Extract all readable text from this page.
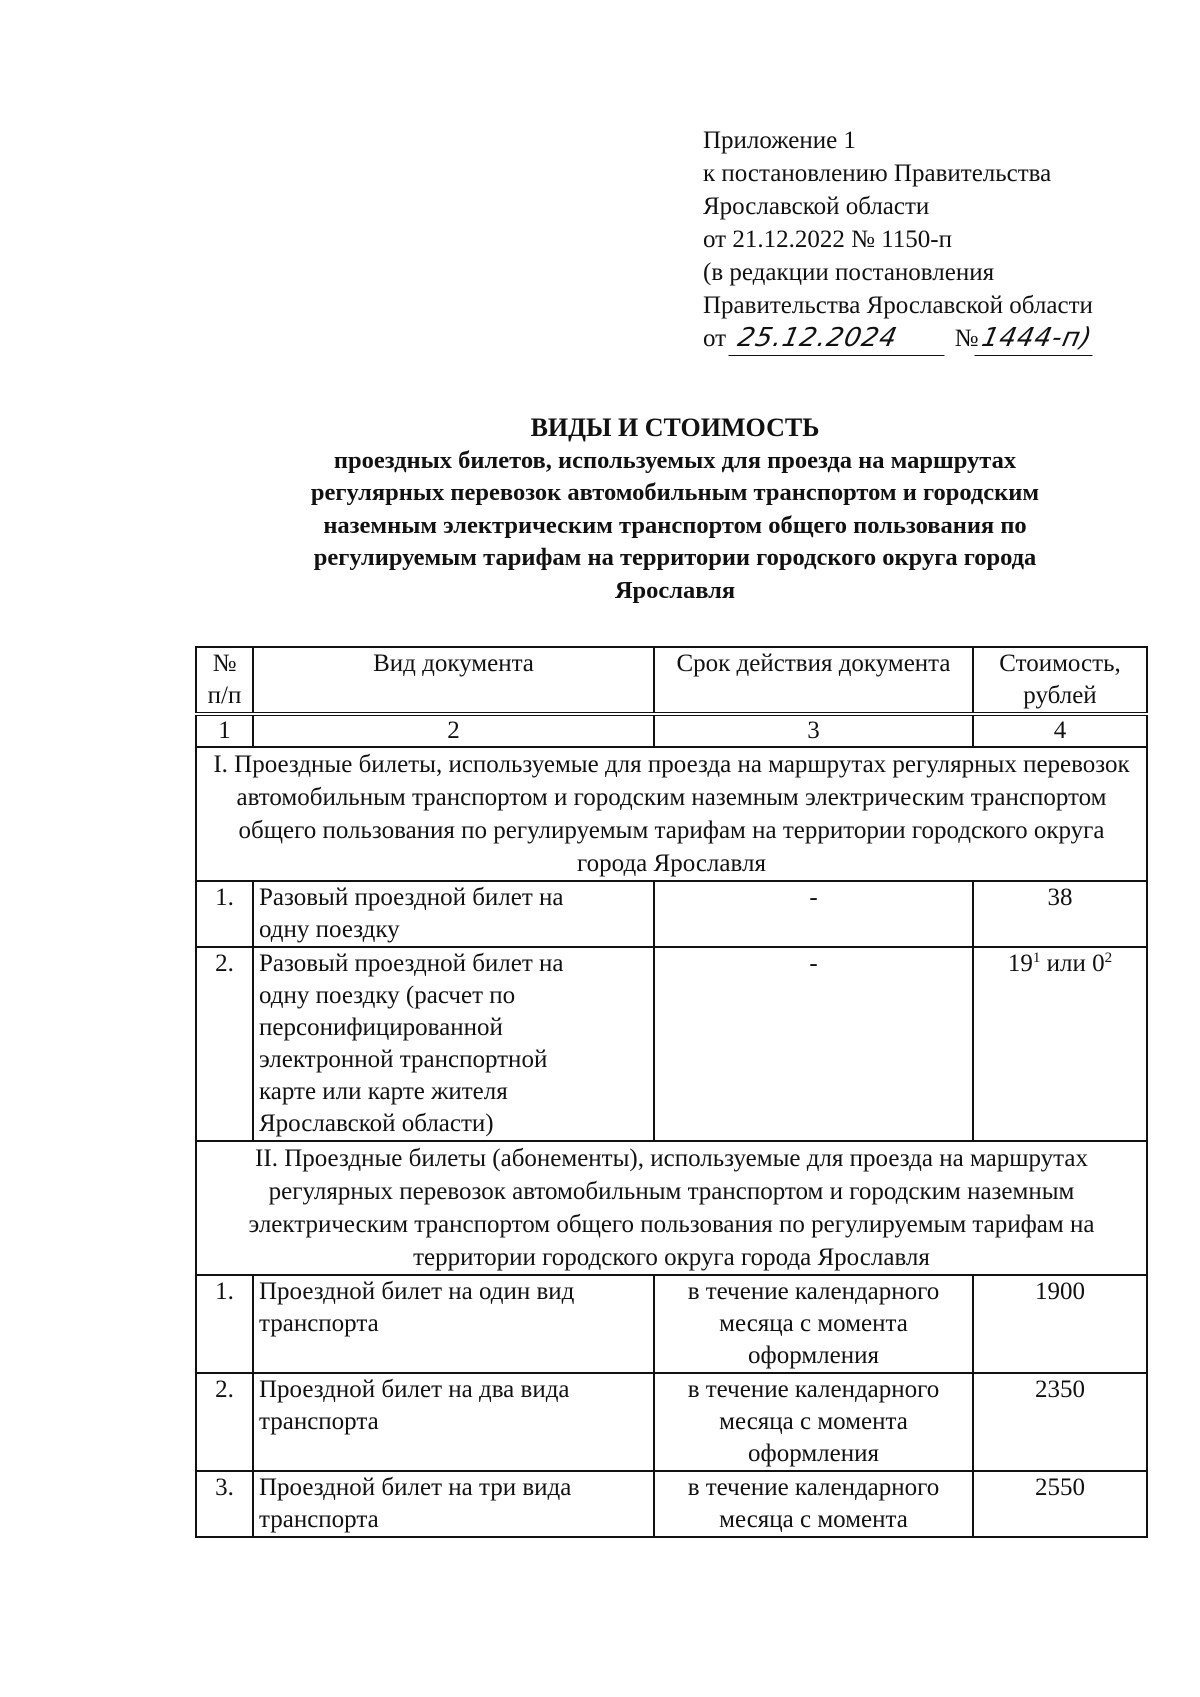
Приложение 1
к постановлению Правительства
Ярославской области
от 21.12.2022 № 1150-п
(в редакции постановления
Правительства Ярославской области
от 25.12.2024 №1444-п)
ВИДЫ И СТОИМОСТЬ
проездных билетов, используемых для проезда на маршрутах
регулярных перевозок автомобильным транспортом и городским
наземным электрическим транспортом общего пользования по
регулируемым тарифам на территории городского округа города
Ярославля
№ п/п	Вид документа	Срок действия документа	Стоимость, рублей
1	2	3	4
I. Проездные билеты, используемые для проезда на маршрутах регулярных перевозок автомобильным транспортом и городским наземным электрическим транспортом общего пользования по регулируемым тарифам на территории городского округа города Ярославля			
1.	Разовый проездной билет на одну поездку	-	38
2.	Разовый проездной билет на одну поездку (расчет по персонифицированной электронной транспортной карте или карте жителя Ярославской области)	-	$19^1$ или $0^2$
II. Проездные билеты (абонементы), используемые для проезда на маршрутах регулярных перевозок автомобильным транспортом и городским наземным электрическим транспортом общего пользования по регулируемым тарифам на территории городского округа города Ярославля			
1.	Проездной билет на один вид транспорта	в течение календарного месяца с момента оформления	1900
2.	Проездной билет на два вида транспорта	в течение календарного месяца с момента оформления	2350
3.	Проездной билет на три вида транспорта	в течение календарного месяца с момента	2550
